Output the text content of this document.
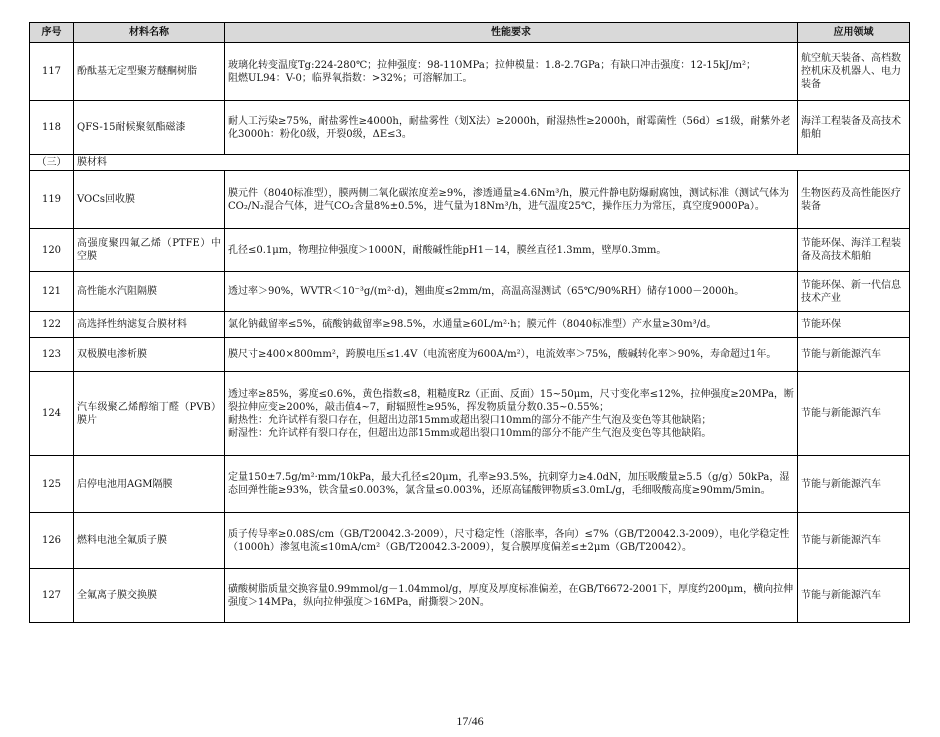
序号	材料名称	性能要求	应用领域
117	酚酞基无定型聚芳醚酮树脂	玻璃化转变温度Tg:224-280℃；拉伸强度：98-110MPa；拉伸模量：1.8-2.7GPa；有缺口冲击强度：12-15kJ/m²；
阻燃UL94：V-0；临界氧指数：>32%；可溶解加工。	航空航天装备、高档数控机床及机器人、电力装备
118	QFS-15耐候聚氨酯磁漆	耐人工污染≥75%，耐盐雾性≥4000h，耐盐雾性（划X法）≥2000h，耐湿热性≥2000h，耐霉菌性（56d）≤1级，耐紫外老化3000h：粉化0级，开裂0级，ΔE≤3。	海洋工程装备及高技术船舶
（三）	膜材料		
119	VOCs回收膜	膜元件（8040标准型），膜两侧二氧化碳浓度差≥9%，渗透通量≥4.6Nm³/h，膜元件静电防爆耐腐蚀，测试标准（测试气体为CO₂/N₂混合气体，进气CO₂含量8%±0.5%，进气量为18Nm³/h，进气温度25℃，操作压力为常压，真空度9000Pa）。	生物医药及高性能医疗装备
120	高强度聚四氟乙烯（PTFE）中空膜	孔径≤0.1μm，物理拉伸强度＞1000N，耐酸碱性能pH1－14，膜丝直径1.3mm，壁厚0.3mm。	节能环保、海洋工程装备及高技术船舶
121	高性能水汽阻隔膜	透过率＞90%，WVTR＜10⁻³g/(m²·d)，翘曲度≤2mm/m，高温高湿测试（65℃/90%RH）储存1000－2000h。	节能环保、新一代信息技术产业
122	高选择性纳滤复合膜材料	氯化钠截留率≤5%，硫酸钠截留率≥98.5%，水通量≥60L/m²·h；膜元件（8040标准型）产水量≥30m³/d。	节能环保
123	双极膜电渗析膜	膜尺寸≥400×800mm²，跨膜电压≤1.4V（电流密度为600A/m²），电流效率＞75%，酸碱转化率＞90%，寿命超过1年。	节能与新能源汽车
124	汽车级聚乙烯醇缩丁醛（PVB）膜片	透过率≥85%，雾度≤0.6%，黄色指数≤8，粗糙度Rz（正面、反面）15~50μm，尺寸变化率≤12%，拉伸强度≥20MPa，断裂拉伸应变≥200%，敲击值4~7，耐辐照性≥95%，挥发物质量分数0.35~0.55%；
耐热性：允许试样有裂口存在，但超出边部15mm或超出裂口10mm的部分不能产生气泡及变色等其他缺陷；
耐湿性：允许试样有裂口存在，但超出边部15mm或超出裂口10mm的部分不能产生气泡及变色等其他缺陷。	节能与新能源汽车
125	启停电池用AGM隔膜	定量150±7.5g/m²·mm/10kPa，最大孔径≤20μm，孔率≥93.5%，抗刺穿力≥4.0dN，加压吸酸量≥5.5（g/g）50kPa，湿态回弹性能≥93%，铁含量≤0.003%，氯含量≤0.003%，还原高锰酸钾物质≤3.0mL/g，毛细吸酸高度≥90mm/5min。	节能与新能源汽车
126	燃料电池全氟质子膜	质子传导率≥0.08S/cm（GB/T20042.3-2009），尺寸稳定性（溶胀率，各向）≤7%（GB/T20042.3-2009），电化学稳定性（1000h）渗氢电流≤10mA/cm²（GB/T20042.3-2009），复合膜厚度偏差≤±2μm（GB/T20042）。	节能与新能源汽车
127	全氟离子膜交换膜	磺酸树脂质量交换容量0.99mmol/g－1.04mmol/g，厚度及厚度标准偏差，在GB/T6672-2001下，厚度约200μm，横向拉伸强度＞14MPa，纵向拉伸强度＞16MPa，耐撕裂＞20N。	节能与新能源汽车
17/46
